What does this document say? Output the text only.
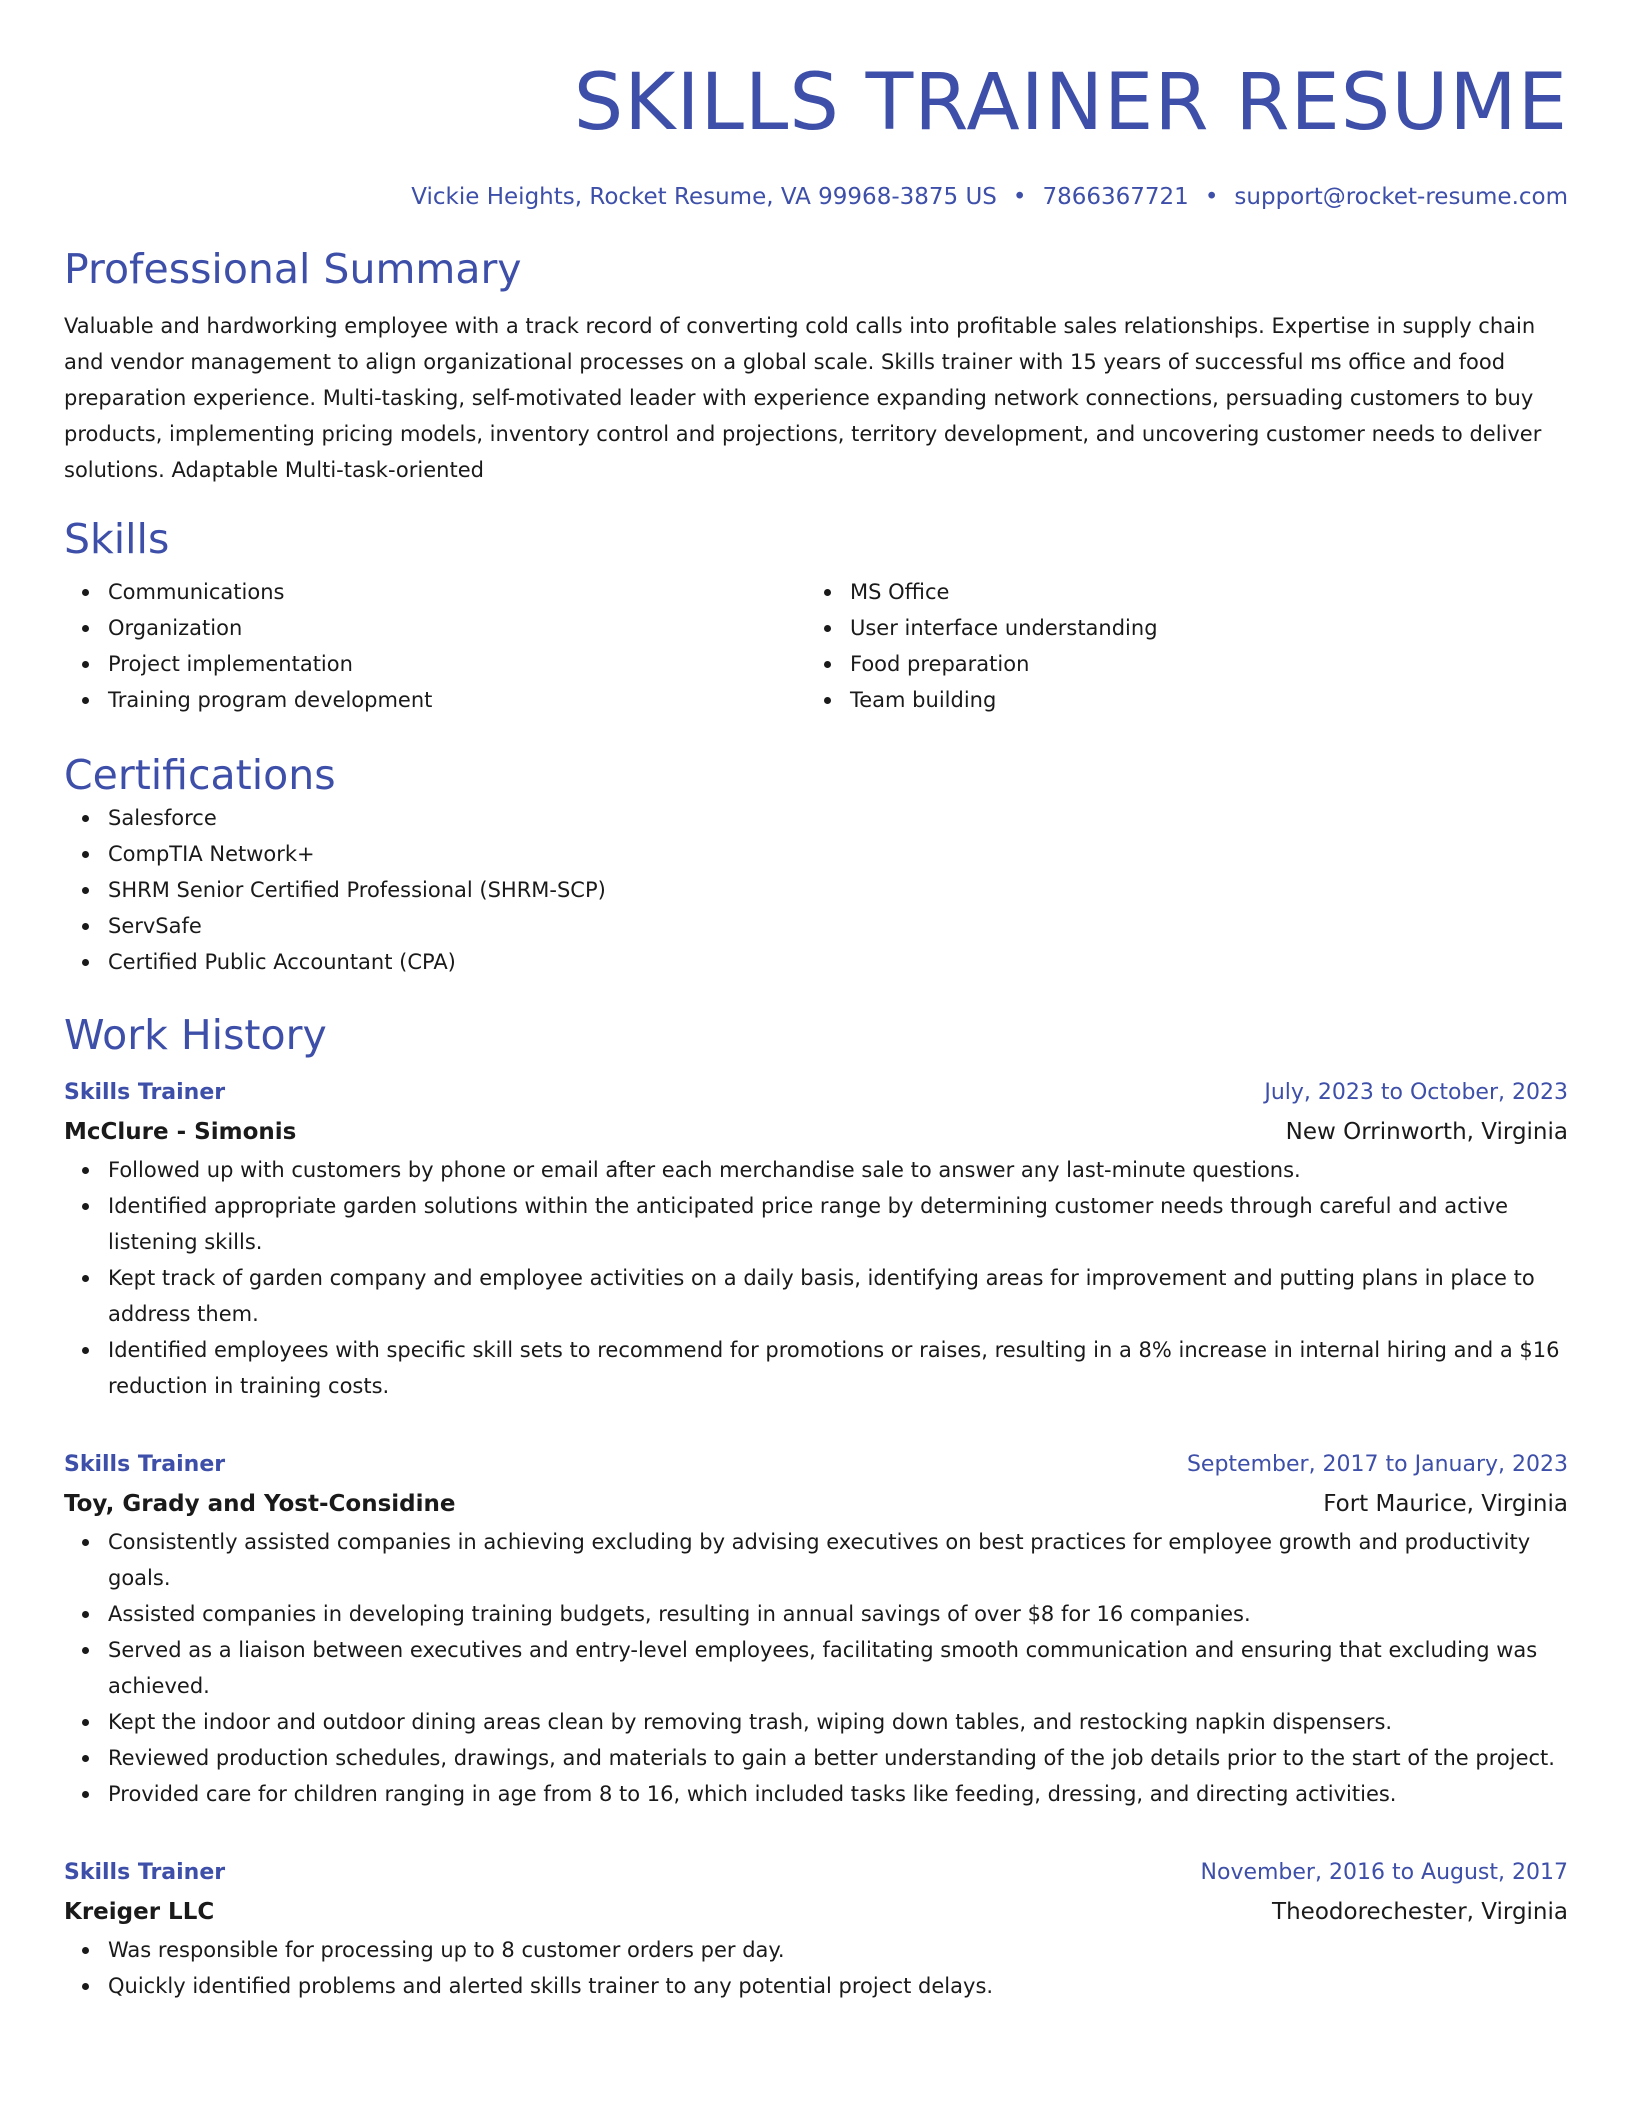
SKILLS TRAINER RESUME
Vickie Heights, Rocket Resume, VA 99968-3875 US • 7866367721 • support@rocket-resume.com
Professional Summary

Valuable and hardworking employee with a track record of converting cold calls into profitable sales relationships. Expertise in supply chain and vendor management to align organizational processes on a global scale. Skills trainer with 15 years of successful ms office and food preparation experience. Multi-tasking, self-motivated leader with experience expanding network connections, persuading customers to buy products, implementing pricing models, inventory control and projections, territory development, and uncovering customer needs to deliver solutions. Adaptable Multi-task-oriented

Skills
Communications
Organization
Project implementation
Training program development
MS Office
User interface understanding
Food preparation
Team building
Certifications
Salesforce
CompTIA Network+
SHRM Senior Certified Professional (SHRM-SCP)
ServSafe
Certified Public Accountant (CPA)
Work History
Skills Trainer	July, 2023 to October, 2023
McClure - Simonis	New Orrinworth, Virginia
Followed up with customers by phone or email after each merchandise sale to answer any last-minute questions.
Identified appropriate garden solutions within the anticipated price range by determining customer needs through careful and active listening skills.
Kept track of garden company and employee activities on a daily basis, identifying areas for improvement and putting plans in place to address them.
Identified employees with specific skill sets to recommend for promotions or raises, resulting in a 8% increase in internal hiring and a $16 reduction in training costs.
Skills Trainer	September, 2017 to January, 2023
Toy, Grady and Yost-Considine	Fort Maurice, Virginia
Consistently assisted companies in achieving excluding by advising executives on best practices for employee growth and productivity goals.
Assisted companies in developing training budgets, resulting in annual savings of over $8 for 16 companies.
Served as a liaison between executives and entry-level employees, facilitating smooth communication and ensuring that excluding was achieved.
Kept the indoor and outdoor dining areas clean by removing trash, wiping down tables, and restocking napkin dispensers.
Reviewed production schedules, drawings, and materials to gain a better understanding of the job details prior to the start of the project.
Provided care for children ranging in age from 8 to 16, which included tasks like feeding, dressing, and directing activities.
Skills Trainer	November, 2016 to August, 2017
Kreiger LLC	Theodorechester, Virginia
Was responsible for processing up to 8 customer orders per day.
Quickly identified problems and alerted skills trainer to any potential project delays.
